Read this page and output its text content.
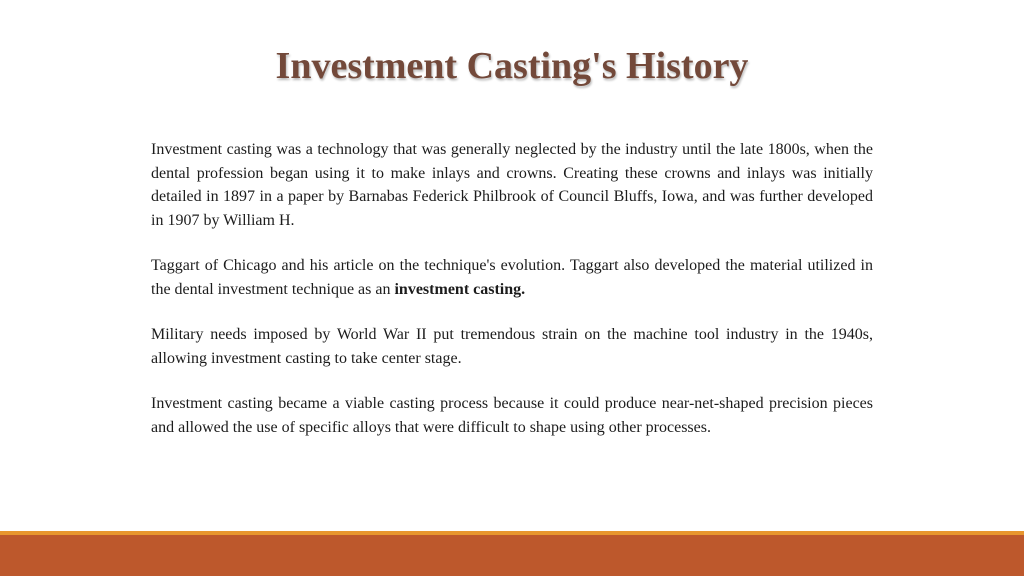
Investment Casting's History

Investment casting was a technology that was generally neglected by the industry until the late 1800s, when the dental profession began using it to make inlays and crowns. Creating these crowns and inlays was initially detailed in 1897 in a paper by Barnabas Federick Philbrook of Council Bluffs, Iowa, and was further developed in 1907 by William H.

Taggart of Chicago and his article on the technique's evolution. Taggart also developed the material utilized in the dental investment technique as an investment casting.

Military needs imposed by World War II put tremendous strain on the machine tool industry in the 1940s, allowing investment casting to take center stage.

Investment casting became a viable casting process because it could produce near-net-shaped precision pieces and allowed the use of specific alloys that were difficult to shape using other processes.
